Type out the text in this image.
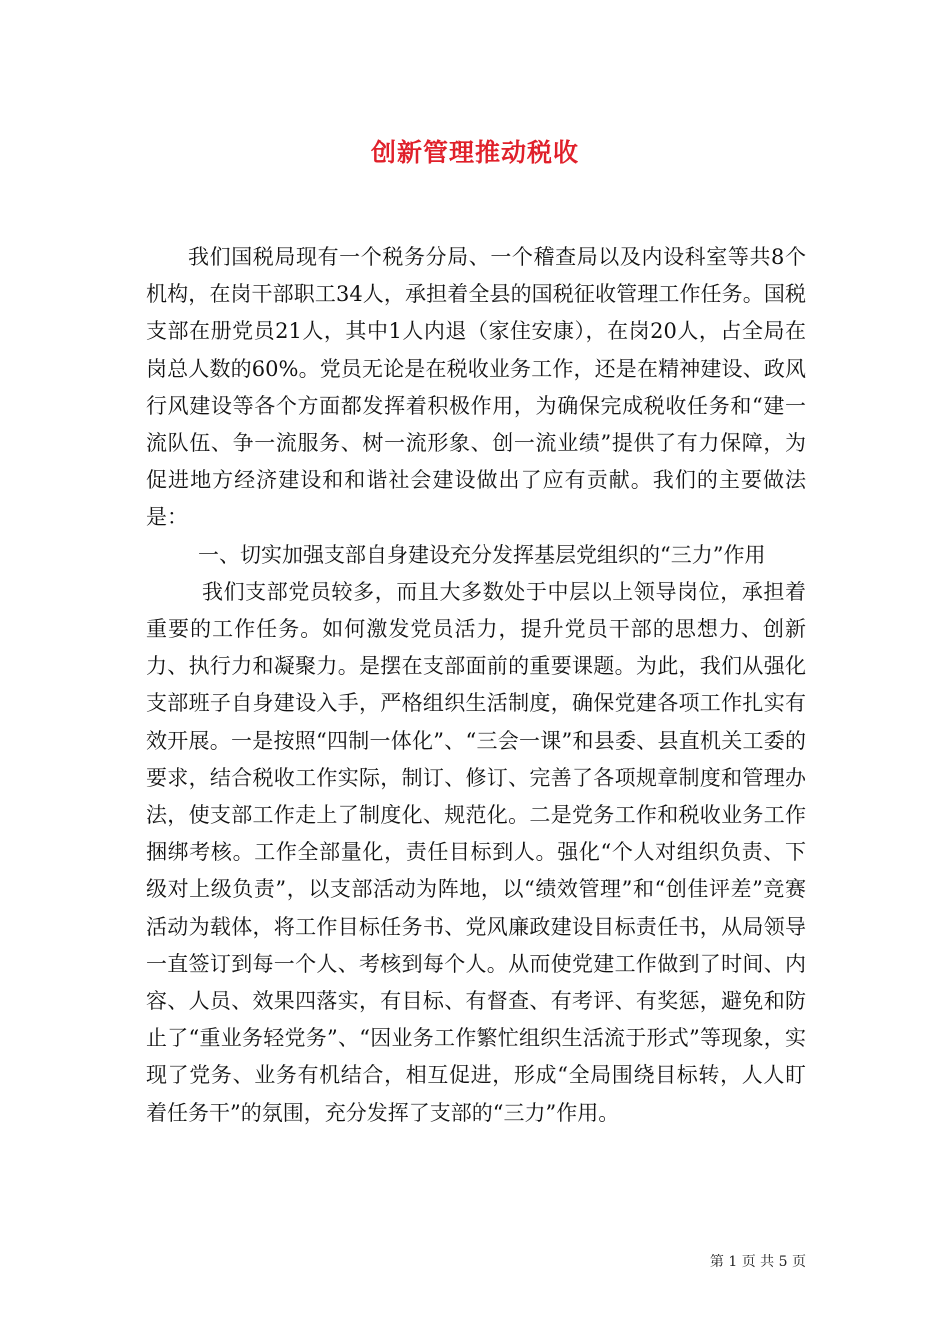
创新管理推动税收

我们国税局现有一个税务分局、一个稽查局以及内设科室等共8个机构，在岗干部职工34人，承担着全县的国税征收管理工作任务。国税支部在册党员21人，其中1人内退（家住安康），在岗20人，占全局在岗总人数的60%。党员无论是在税收业务工作，还是在精神建设、政风行风建设等各个方面都发挥着积极作用，为确保完成税收任务和“建一流队伍、争一流服务、树一流形象、创一流业绩”提供了有力保障，为促进地方经济建设和和谐社会建设做出了应有贡献。我们的主要做法是：

一、切实加强支部自身建设充分发挥基层党组织的“三力”作用

我们支部党员较多，而且大多数处于中层以上领导岗位，承担着重要的工作任务。如何激发党员活力，提升党员干部的思想力、创新力、执行力和凝聚力。是摆在支部面前的重要课题。为此，我们从强化支部班子自身建设入手，严格组织生活制度，确保党建各项工作扎实有效开展。一是按照“四制一体化”、“三会一课”和县委、县直机关工委的要求，结合税收工作实际，制订、修订、完善了各项规章制度和管理办法，使支部工作走上了制度化、规范化。二是党务工作和税收业务工作捆绑考核。工作全部量化，责任目标到人。强化“个人对组织负责、下级对上级负责”，以支部活动为阵地，以“绩效管理”和“创佳评差”竞赛活动为载体，将工作目标任务书、党风廉政建设目标责任书，从局领导一直签订到每一个人、考核到每个人。从而使党建工作做到了时间、内容、人员、效果四落实，有目标、有督查、有考评、有奖惩，避免和防止了“重业务轻党务”、“因业务工作繁忙组织生活流于形式”等现象，实现了党务、业务有机结合，相互促进，形成“全局围绕目标转，人人盯着任务干”的氛围，充分发挥了支部的“三力”作用。

第 1 页 共 5 页
